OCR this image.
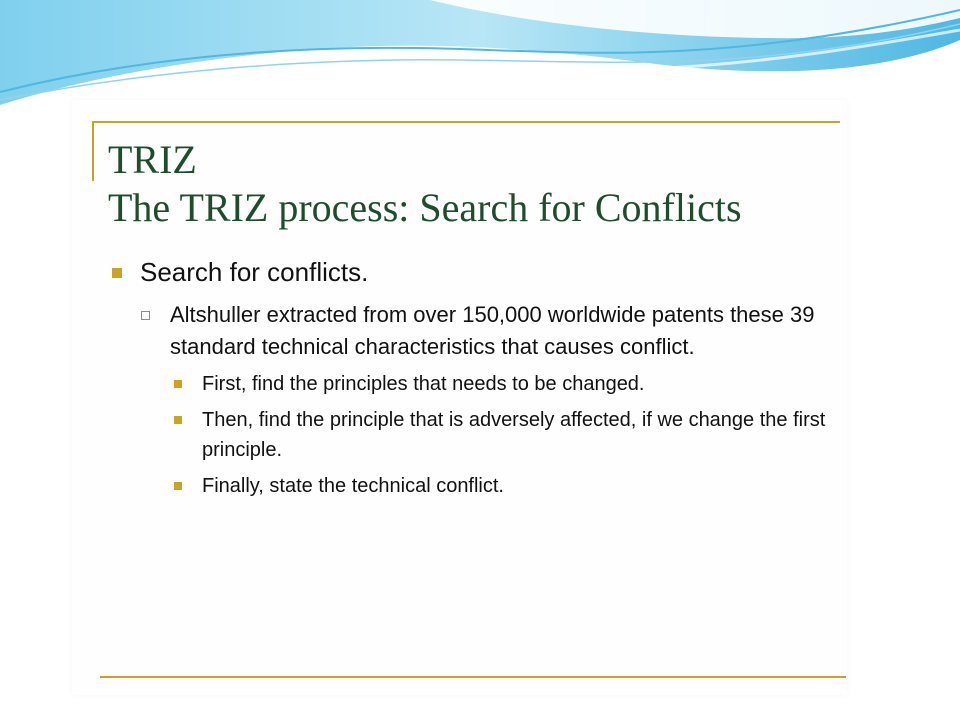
TRIZ
The TRIZ process: Search for Conflicts
Search for conflicts.
Altshuller extracted from over 150,000 worldwide patents these 39 standard technical characteristics that causes conflict.
First, find the principles that needs to be changed.
Then, find the principle that is adversely affected, if we change the first principle.
Finally, state the technical conflict.
